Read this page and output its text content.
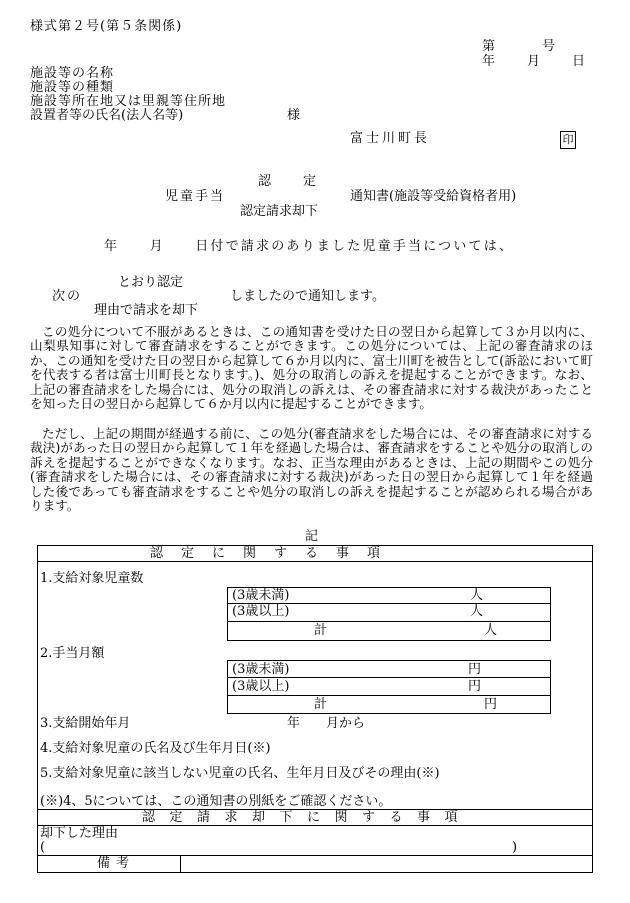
様式第２号(第５条関係)
第　　　号
年　　月　　日
施設等の名称
施設等の種類
施設等所在地又は里親等住所地
設置者等の氏名(法人名等)	様
富士川町長	印
認　　定
児童手当	通知書(施設等受給資格者用)
認定請求却下
年　　月　　日付で請求のありました児童手当については、
とおり認定
次の	しましたので通知します。
理由で請求を却下
この処分について不服があるときは、この通知書を受けた日の翌日から起算して３か月以内に、山梨県知事に対して審査請求をすることができます。この処分については、上記の審査請求のほか、この通知を受けた日の翌日から起算して６か月以内に、富士川町を被告として(訴訟において町を代表する者は富士川町長となります。)、処分の取消しの訴えを提起することができます。なお、上記の審査請求をした場合には、処分の取消しの訴えは、その審査請求に対する裁決があったことを知った日の翌日から起算して６か月以内に提起することができます。
ただし、上記の期間が経過する前に、この処分(審査請求をした場合には、その審査請求に対する裁決)があった日の翌日から起算して１年を経過した場合は、審査請求をすることや処分の取消しの訴えを提起することができなくなります。なお、正当な理由があるときは、上記の期間やこの処分(審査請求をした場合には、その審査請求に対する裁決)があった日の翌日から起算して１年を経過した後であっても審査請求をすることや処分の取消しの訴えを提起することが認められる場合があります。
記
認定に関する事項
1.支給対象児童数
(3歳未満)	人
(3歳以上)	人
計	人
2.手当月額
(3歳未満)	円
(3歳以上)	円
計	円
3.支給開始年月	年　　月から
4.支給対象児童の氏名及び生年月日(※)
5.支給対象児童に該当しない児童の氏名、生年月日及びその理由(※)
(※)4、5については、この通知書の別紙をご確認ください。
認定請求却下に関する事項
却下した理由
(	)
備考
